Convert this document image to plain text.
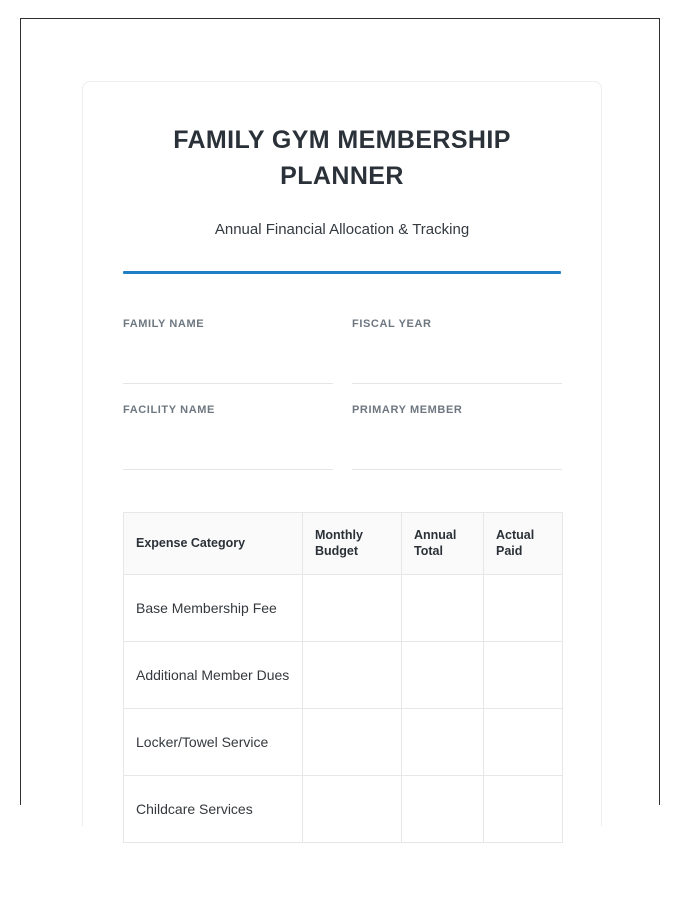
FAMILY GYM MEMBERSHIP PLANNER

Annual Financial Allocation & Tracking

FAMILY NAME	FISCAL YEAR
FACILITY NAME	PRIMARY MEMBER
Expense Category	Monthly Budget	Annual Total	Actual Paid
Base Membership Fee			
Additional Member Dues			
Locker/Towel Service			
Childcare Services			
